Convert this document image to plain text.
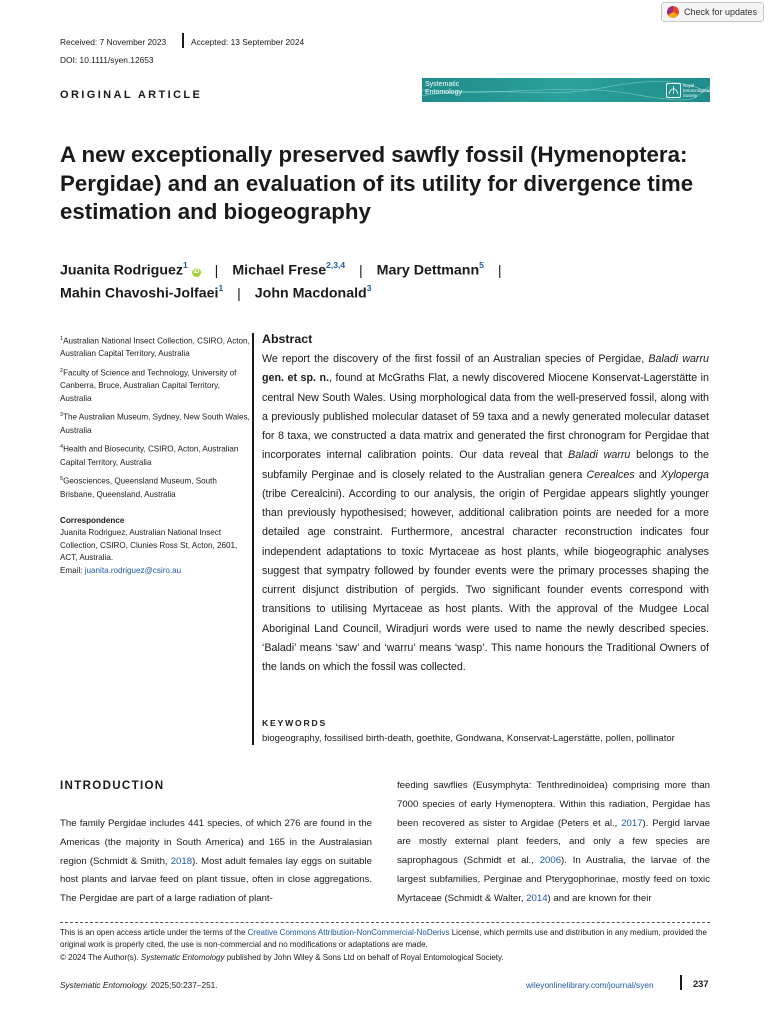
Check for updates
Received: 7 November 2023	Accepted: 13 September 2024
DOI: 10.1111/syen.12653
ORIGINAL ARTICLE
Systematic
Entomology
Royal
Entomological
Society
A new exceptionally preserved sawfly fossil (Hymenoptera: Pergidae) and an evaluation of its utility for divergence time estimation and biogeography
Juanita Rodriguez$^1$iD | Michael Frese$^{2,3,4}$ | Mary Dettmann$^5$ |
Mahin Chavoshi-Jolfaei$^1$ | John Macdonald$^3$
$^1$Australian National Insect Collection, CSIRO, Acton, Australian Capital Territory, Australia
$^2$Faculty of Science and Technology, University of Canberra, Bruce, Australian Capital Territory, Australia
$^3$The Australian Museum, Sydney, New South Wales, Australia
$^4$Health and Biosecurity, CSIRO, Acton, Australian Capital Territory, Australia
$^5$Geosciences, Queensland Museum, South Brisbane, Queensland, Australia
Correspondence
Juanita Rodriguez, Australian National Insect Collection, CSIRO, Clunies Ross St, Acton, 2601, ACT, Australia.
Email: juanita.rodriguez@csiro.au
Abstract

We report the discovery of the first fossil of an Australian species of Pergidae, Baladi warru gen. et sp. n., found at McGraths Flat, a newly discovered Miocene Konservat-Lagerstätte in central New South Wales. Using morphological data from the well-preserved fossil, along with a previously published molecular dataset of 59 taxa and a newly generated molecular dataset for 8 taxa, we constructed a data matrix and generated the first chronogram for Pergidae that incorporates internal calibration points. Our data reveal that Baladi warru belongs to the subfamily Perginae and is closely related to the Australian genera Cerealces and Xyloperga (tribe Cerealcini). According to our analysis, the origin of Pergidae appears slightly younger than previously hypothesised; however, additional calibration points are needed for a more detailed age constraint. Furthermore, ancestral character reconstruction indicates four independent adaptations to toxic Myrtaceae as host plants, while biogeographic analyses suggest that sympatry followed by founder events were the primary processes shaping the current disjunct distribution of pergids. Two significant founder events correspond with transitions to utilising Myrtaceae as host plants. With the approval of the Mudgee Local Aboriginal Land Council, Wiradjuri words were used to name the newly described species. ‘Baladi’ means ‘saw’ and ‘warru’ means ‘wasp’. This name honours the Traditional Owners of the lands on which the fossil was collected.

KEYWORDS
biogeography, fossilised birth-death, goethite, Gondwana, Konservat-Lagerstätte, pollen, pollinator
INTRODUCTION

The family Pergidae includes 441 species, of which 276 are found in the Americas (the majority in South America) and 165 in the Australasian region (Schmidt & Smith, 2018). Most adult females lay eggs on suitable host plants and larvae feed on plant tissue, often in close aggregations. The Pergidae are part of a large radiation of plant-

feeding sawflies (Eusymphyta: Tenthredinoidea) comprising more than 7000 species of early Hymenoptera. Within this radiation, Pergidae has been recovered as sister to Argidae (Peters et al., 2017). Pergid larvae are mostly external plant feeders, and only a few species are saprophagous (Schmidt et al., 2006). In Australia, the larvae of the largest subfamilies, Perginae and Pterygophorinae, mostly feed on toxic Myrtaceae (Schmidt & Walter, 2014) and are known for their

This is an open access article under the terms of the Creative Commons Attribution-NonCommercial-NoDerivs License, which permits use and distribution in any medium, provided the original work is properly cited, the use is non-commercial and no modifications or adaptations are made.
© 2024 The Author(s). Systematic Entomology published by John Wiley & Sons Ltd on behalf of Royal Entomological Society.

Systematic Entomology. 2025;50:237–251.	wileyonlinelibrary.com/journal/syen	237
